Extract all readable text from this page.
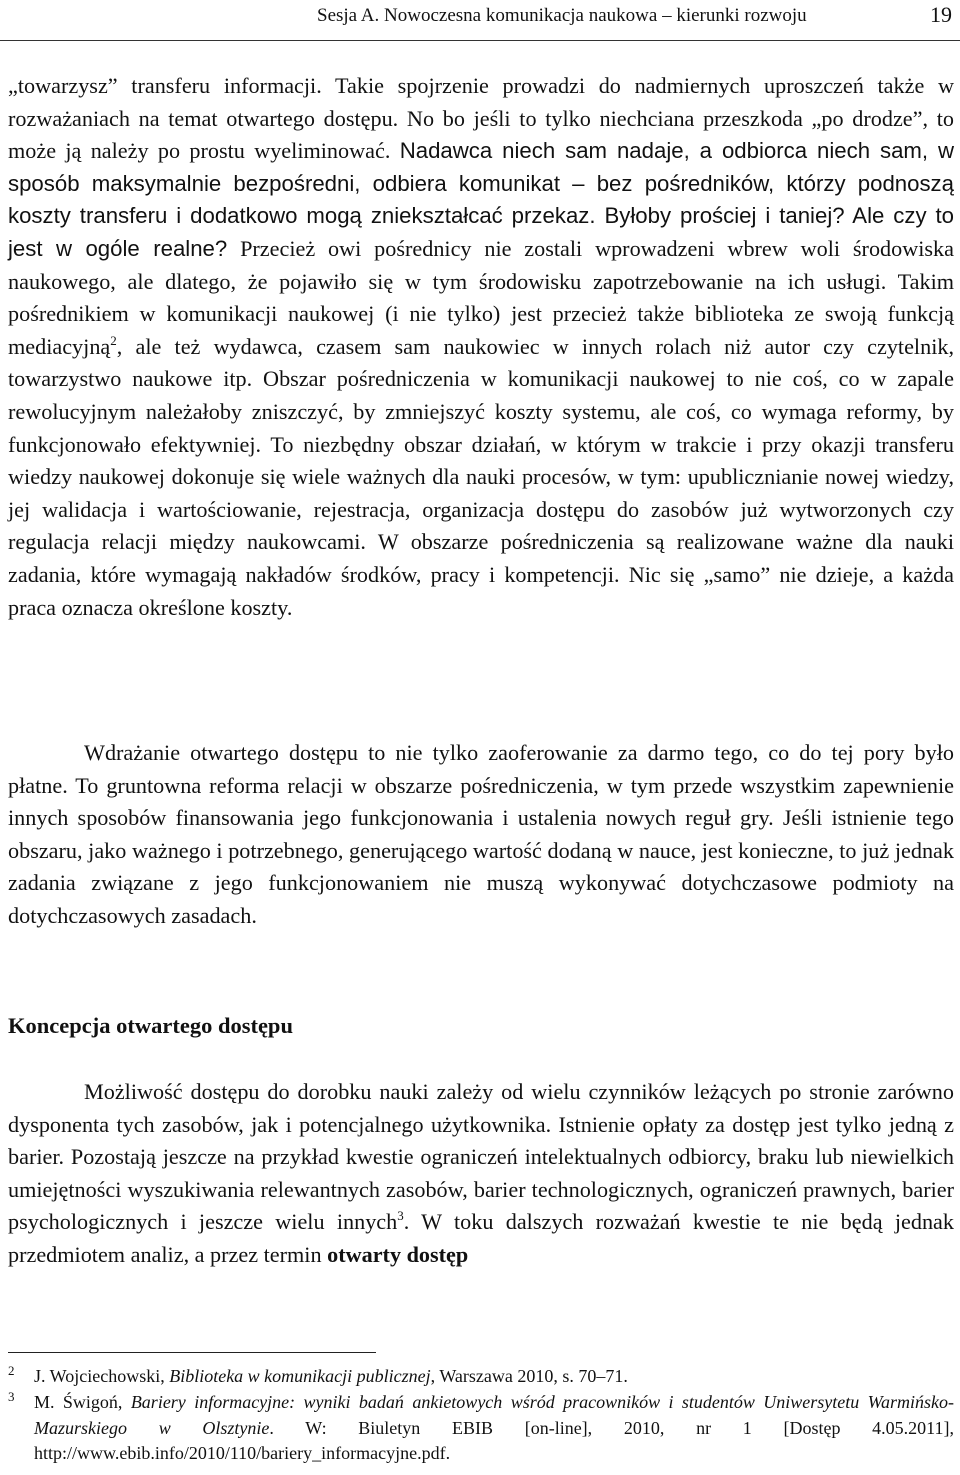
Sesja A. Nowoczesna komunikacja naukowa – kierunki rozwoju	19

„towarzysz” transferu informacji. Takie spojrzenie prowadzi do nadmiernych uproszczeń także w rozważaniach na temat otwartego dostępu. No bo jeśli to tylko niechciana przeszkoda „po drodze”, to może ją należy po prostu wyeliminować. Nadawca niech sam nadaje, a odbiorca niech sam, w sposób maksymalnie bezpośredni, odbiera komunikat – bez pośredników, którzy podnoszą koszty transferu i dodatkowo mogą zniekształcać przekaz. Byłoby prościej i taniej? Ale czy to jest w ogóle realne? Przecież owi pośrednicy nie zostali wprowadzeni wbrew woli środowiska naukowego, ale dlatego, że pojawiło się w tym środowisku zapotrzebowanie na ich usługi. Takim pośrednikiem w komunikacji naukowej (i nie tylko) jest przecież także biblioteka ze swoją funkcją mediacyjną$^2$, ale też wydawca, czasem sam naukowiec w innych rolach niż autor czy czytelnik, towarzystwo naukowe itp. Obszar pośredniczenia w komunikacji naukowej to nie coś, co w zapale rewolucyjnym należałoby zniszczyć, by zmniejszyć koszty systemu, ale coś, co wymaga reformy, by funkcjonowało efektywniej. To niezbędny obszar działań, w którym w trakcie i przy okazji transferu wiedzy naukowej dokonuje się wiele ważnych dla nauki procesów, w tym: upublicznianie nowej wiedzy, jej walidacja i wartościowanie, rejestracja, organizacja dostępu do zasobów już wytworzonych czy regulacja relacji między naukowcami. W obszarze pośredniczenia są realizowane ważne dla nauki zadania, które wymagają nakładów środków, pracy i kompetencji. Nic się „samo” nie dzieje, a każda praca oznacza określone koszty.

Wdrażanie otwartego dostępu to nie tylko zaoferowanie za darmo tego, co do tej pory było płatne. To gruntowna reforma relacji w obszarze pośredniczenia, w tym przede wszystkim zapewnienie innych sposobów finansowania jego funkcjonowania i ustalenia nowych reguł gry. Jeśli istnienie tego obszaru, jako ważnego i potrzebnego, generującego wartość dodaną w nauce, jest konieczne, to już jednak zadania związane z jego funkcjonowaniem nie muszą wykonywać dotychczasowe podmioty na dotychczasowych zasadach.

Koncepcja otwartego dostępu

Możliwość dostępu do dorobku nauki zależy od wielu czynników leżących po stronie zarówno dysponenta tych zasobów, jak i potencjalnego użytkownika. Istnienie opłaty za dostęp jest tylko jedną z barier. Pozostają jeszcze na przykład kwestie ograniczeń intelektualnych odbiorcy, braku lub niewielkich umiejętności wyszukiwania relewantnych zasobów, barier technologicznych, ograniczeń prawnych, barier psychologicznych i jeszcze wielu innych$^3$. W toku dalszych rozważań kwestie te nie będą jednak przedmiotem analiz, a przez termin otwarty dostęp

2 J. Wojciechowski, Biblioteka w komunikacji publicznej, Warszawa 2010, s. 70–71.
3 M. Świgoń, Bariery informacyjne: wyniki badań ankietowych wśród pracowników i studentów Uniwersytetu Warmińsko-Mazurskiego w Olsztynie. W: Biuletyn EBIB [on-line], 2010, nr 1 [Dostęp 4.05.2011], http://www.ebib.info/2010/110/bariery_informacyjne.pdf.
